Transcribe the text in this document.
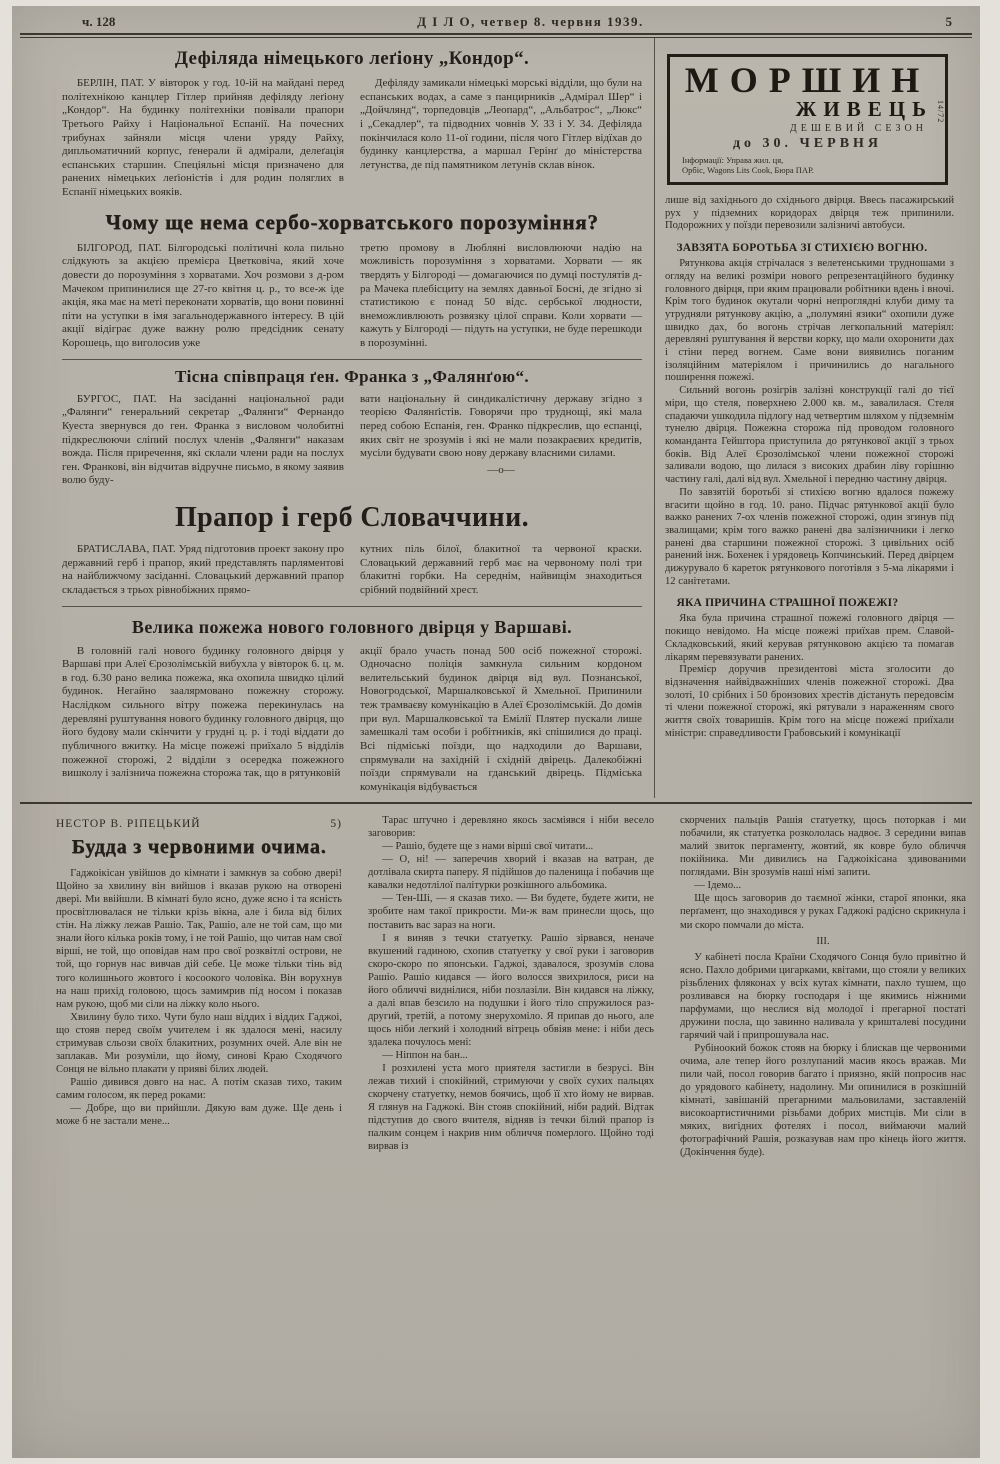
ч. 128	Д І Л О, четвер 8. червня 1939.	5
Дефіляда німецького леґіону „Кондор“.

БЕРЛІН, ПАТ. У вівторок у год. 10-ій на майдані перед політехнікою канцлер Гітлер прийняв дефіляду леґіону „Кондор“. На будинку політехніки повівали прапори Третього Райху і Національної Еспанії. На почесних трибунах зайняли місця члени уряду Райху, дипльоматичний корпус, ґенерали й адмірали, делеґація еспанських старшин. Спеціяльні місця призначено для ранених німецьких леґіоністів і для родин поляглих в Еспанії німецьких вояків.

Дефіляду замикали німецькі морські відділи, що були на еспанських водах, а саме з панцирників „Адмірал Шер“ і „Дойчлянд“, торпедовців „Леопард“, „Альбатрос“, „Люкс“ і „Секадлер“, та підводних човнів У. 33 і У. 34. Дефіляда покінчилася коло 11-ої години, після чого Гітлер відїхав до будинку канцлерства, а маршал Герінґ до міністерства летунства, де під памятником летунів склав вінок.

Чому ще нема сербо-хорватського порозуміння?

БІЛГОРОД, ПАТ. Білгородські політичні кола пильно слідкують за акцією премієра Цветковіча, який хоче довести до порозуміння з хорватами. Хоч розмови з д-ром Мачеком припинилися ще 27-го квітня ц. р., то все-ж іде акція, яка має на меті переконати хорватів, що вони повинні піти на уступки в імя загальнодержавного інтересу. В цій акції відіграє дуже важну ролю предсідник сенату Корошець, що виголосив уже

третю промову в Любляні висловлюючи надію на можливість порозуміння з хорватами. Хорвати — як твердять у Білгороді — домагаючися по думці постулятів д-ра Мачека плебісциту на землях давньої Босні, де згідно зі статистикою є понад 50 відс. сербської людности, внеможливлюють розвязку цілої справи. Коли хорвати — кажуть у Білгороді — підуть на уступки, не буде перешкоди в порозумінні.

Тісна співпраця ґен. Франка з „Фалянґою“.

БУРГОС, ПАТ. На засіданні національної ради „Фалянги“ генеральний секретар „Фалянги“ Фернандо Куеста звернувся до ген. Франка з висловом чолобитні підкреслюючи сліпий послух членів „Фалянги“ наказам вожда. Після приречення, які склали члени ради на послух ген. Франкові, він відчитав відручне письмо, в якому заявив волю буду-

вати національну й синдикалістичну державу згідно з теорією Фалянґістів. Говорячи про труднощі, які мала перед собою Еспанія, ген. Франко підкреслив, що еспанці, яких світ не зрозумів і які не мали позакраєвих кредитів, мусіли будувати свою нову державу власними силами.

—о—

Прапор і герб Словаччини.

БРАТИСЛАВА, ПАТ. Уряд підготовив проект закону про державний герб і прапор, який представлять парляментові на найближчому засіданні. Словацький державний прапор складається з трьох рівнобіжних прямо-

кутних піль білої, блакитної та червоної краски. Словацький державний герб має на червоному полі три блакитні горбки. На середнім, найвищім знаходиться срібний подвійний хрест.

Велика пожежа нового головного двірця у Варшаві.

В головній галі нового будинку головного двірця у Варшаві при Алеї Єрозолімській вибухла у вівторок 6. ц. м. в год. 6.30 рано велика пожежа, яка охопила швидко цілий будинок. Негайно заалярмовано пожежну сторожу. Наслідком сильного вітру пожежа перекинулась на деревляні руштування нового будинку головного двірця, що його будову мали скінчити у грудні ц. р. і тоді віддати до публичного вжитку. На місце пожежі приїхало 5 відділів пожежної сторожі, 2 відділи з осередка пожежного вишколу і залізнича пожежна сторожа так, що в рятунковій

акції брало участь понад 500 осіб пожежної сторожі. Одночасно поліція замкнула сильним кордоном велительський будинок двірця від вул. Познанської, Новогродської, Маршалковської й Хмельної. Припинили теж трамваєву комунікацію в Алеї Єрозолімській. До домів при вул. Маршалковської та Емілії Плятер пускали лише замешкалі там особи і робітників, які спішилися до праці. Всі підміські поїзди, що надходили до Варшави, спрямували на західній і східній двірець. Далекобіжні поїзди спрямували на гданський двірець. Підміська комунікація відбувається

МОРШИН
ЖИВЕЦЬ
ДЕШЕВИЙ СЕЗОН
до 30. ЧЕРВНЯ
Інформації: Управа жил. ця,
Орбіс, Wagons Lits Cook, Бюра ПАР.
14/72

лише від західнього до східнього двірця. Ввесь пасажирський рух у підземних коридорах двірця теж припинили. Подорожних у поїзди перевозили залізничі автобуси.

ЗАВЗЯТА БОРОТЬБА ЗІ СТИХІЄЮ ВОГНЮ.

Рятункова акція стрічалася з велетенськими трудношами з огляду на великі розміри нового репрезентаційного будинку головного двірця, при яким працювали робітники вдень і вночі. Крім того будинок окутали чорні непроглядні клуби диму та утрудняли рятункову акцію, а „полумяні язики“ охопили дуже швидко дах, бо вогонь стрічав легкопальний матеріял: деревляні руштування й верстви корку, що мали охоронити дах і стіни перед вогнем. Саме вони виявились поганим ізоляційним матеріялом і причинились до нагального поширення пожежі.

Сильний вогонь розігрів залізні конструкції галі до тієї міри, що стеля, поверхнею 2.000 кв. м., завалилася. Стеля спадаючи ушкодила підлогу над четвертим шляхом у підземнім тунелю двірця. Пожежна сторожа під проводом головного команданта Гейштора приступила до рятункової акції з трьох боків. Від Алеї Єрозолімської члени пожежної сторожі заливали водою, що лилася з високих драбин ліву горішню частину галі, далі від вул. Хмельної і передню частину двірця.

По завзятій боротьбі зі стихією вогню вдалося пожежу вгасити щойно в год. 10. рано. Підчас рятункової акції було важко ранених 7-ох членів пожежної сторожі, один згинув під звалищами; крім того важко ранені два залізничники і легко ранені два старшини пожежної сторожі. З цивільних осіб ранений інж. Бохенек і урядовець Копчинський. Перед двірцем дижурувало 6 кареток рятункового поготівля з 5-ма лікарями і 12 санітетами.

ЯКА ПРИЧИНА СТРАШНОЇ ПОЖЕЖІ?

Яка була причина страшної пожежі головного двірця — покищо невідомо. На місце пожежі приїхав прем. Славой-Складковський, який керував рятунковою акцією та помагав лікарям перевязувати ранених.

Премієр доручив президентові міста зголосити до відзначення найвідважніших членів пожежної сторожі. Два золоті, 10 срібних і 50 бронзових хрестів дістануть передовсім ті члени пожежної сторожі, які рятували з нараженням свого життя своїх товаришів. Крім того на місце пожежі приїхали міністри: справедливости Грабовський і комунікації

НЕСТОР В. РІПЕЦЬКИЙ	5)
Будда з червоними очима.

Гаджоікісан увійшов до кімнати і замкнув за собою двері! Щойно за хвилину він вийшов і вказав рукою на отворені двері. Ми ввійшли. В кімнаті було ясно, дуже ясно і та ясність просвітлювалася не тільки крізь вікна, але і била від білих стін. На ліжку лежав Рашіо. Так, Рашіо, але не той сам, що ми знали його кілька років тому, і не той Рашіо, що читав нам свої вірші, не той, що оповідав нам про свої розквітлі острови, не той, що горнув нас вивчав дій себе. Це може тільки тінь від того колишнього жовтого і косоокого чоловіка. Він ворухнув на наш прихід головою, щось замимрив під носом і показав нам рукою, щоб ми сіли на ліжку коло нього.

Хвилину було тихо. Чути було наш віддих і віддих Гаджоі, що стояв перед своїм учителем і як здалося мені, насилу стримував сльози своїх блакитних, розумних очей. Але він не заплакав. Ми розуміли, що йому, синові Краю Сходячого Сонця не вільно плакати у прияві білих людей.

Рашіо дивився довго на нас. А потім сказав тихо, таким самим голосом, як перед роками:

— Добре, що ви прийшли. Дякую вам дуже. Ще день і може б не застали мене...

Тарас штучно і деревляно якось засміявся і ніби весело заговорив:

— Рашіо, будете ще з нами вірші свої читати...

— О, ні! — заперечив хворий і вказав на ватран, де дотлівала скирта паперу. Я підійшов до паленища і побачив ще кавалки недотлілої палітурки розкішного альбомика.

— Тен-Ші, — я сказав тихо. — Ви будете, будете жити, не зробите нам такої прикрости. Ми-ж вам принесли щось, що поставить вас зараз на ноги.

І я виняв з течки статуетку. Рашіо зірвався, неначе вкушений гадиною, схопив статуетку у свої руки і заговорив скоро-скоро по японськи. Гаджоі, здавалося, зрозумів слова Рашіо. Рашіо кидався — його волосся звихрилося, риси на його обличчі виднілися, ніби позлазіли. Він кидався на ліжку, а далі впав безсило на подушки і його тіло спружилося раз-другий, третій, а потому знерухоміло. Я припав до нього, але щось ніби легкий і холодний вітрець обвіяв мене: і ніби десь здалека почулось мені:

— Ніппон на бан...

І розхилені уста мого приятеля застигли в безрусі. Він лежав тихий і спокійний, стримуючи у своїх сухих пальцях скорчену статуетку, немов боячись, щоб її хто йому не вирвав. Я глянув на Гаджокі. Він стояв спокійний, ніби радий. Відтак підступив до свого вчителя, відняв із течки білий прапор із палким сонцем і накрив ним обличчя померлого. Щойно тоді вирвав із

скорчених пальців Рашія статуетку, щось поторкав і ми побачили, як статуетка розкололась надвоє. З середини випав малий звиток пергаменту, жовтий, як ковре було обличчя покійника. Ми дивились на Гаджоікісана здивованими поглядами. Він зрозумів наші німі запити.

— Ідемо...

Ще щось заговорив до таємної жінки, старої японки, яка перґамент, що знаходився у руках Гаджокі радісно скрикнула і ми скоро помчали до міста.

ІІІ.

У кабінеті посла Країни Сходячого Сонця було привітно й ясно. Пахло добрими цигарками, квітами, що стояли у великих різьблених фляконах у всіх кутах кімнати, пахло тушем, що розливався на бюрку господаря і ще якимись ніжними парфумами, що неслися від молодої і прегарної постаті дружини посла, що завинно наливала у кришталеві посудини гарячий чай і припрошувала нас.

Рубіноокий божок стояв на бюрку і блискав ще червоними очима, але тепер його розлупаний масив якось вражав. Ми пили чай, посол говорив багато і приязно, якій попросив нас до урядового кабінету, надолину. Ми опинилися в розкішній кімнаті, завішаній прегарними мальовилами, заставленій високоартистичними різьбами добрих мистців. Ми сіли в мяких, вигідних фотелях і посол, виймаючи малий фотографічний Рашія, розказував нам про кінець його життя. (Докінчення буде).
